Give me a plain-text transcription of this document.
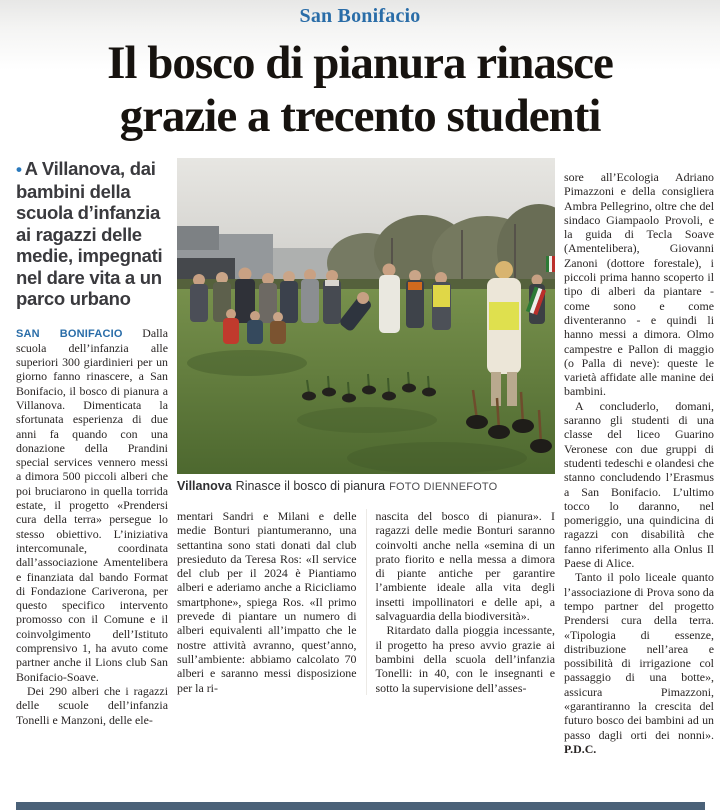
San Bonifacio
Il bosco di pianura rinasce
grazie a trecento studenti
• A Villanova, dai bambini della scuola d’infanzia ai ragazzi delle medie, impegnati nel dare vita a un parco urbano

SAN BONIFACIO Dalla scuola dell’infanzia alle superiori 300 giardinieri per un giorno fanno rinascere, a San Bonifacio, il bosco di pianura a Villanova. Dimenticata la sfortunata esperienza di due anni fa quando con una donazione della Prandini special services vennero messi a dimora 500 piccoli alberi che poi bruciarono in quella torrida estate, il progetto «Prendersi cura della terra» persegue lo stesso obiettivo. L’iniziativa intercomunale, coordinata dall’associazione Amentelibera e finanziata dal bando Format di Fondazione Cariverona, per questo specifico intervento promosso con il Comune e il coinvolgimento dell’Istituto comprensivo 1, ha avuto come partner anche il Lions club San Bonifacio-Soave.

Dei 290 alberi che i ragazzi delle scuole dell’infanzia Tonelli e Manzoni, delle ele-

Villanova Rinasce il bosco di pianura FOTO DIENNEFOTO

mentari Sandri e Milani e delle medie Bonturi piantumeranno, una settantina sono stati donati dal club presieduto da Teresa Ros: «Il service del club per il 2024 è Piantiamo alberi e aderiamo anche a Ricicliamo smartphone», spiega Ros. «Il primo prevede di piantare un numero di alberi equivalenti all’impatto che le nostre attività avranno, quest’anno, sull’ambiente: abbiamo calcolato 70 alberi e saranno messi disposizione per la ri-

nascita del bosco di pianura». I ragazzi delle medie Bonturi saranno coinvolti anche nella «semina di un prato fiorito e nella messa a dimora di piante antiche per garantire l’ambiente ideale alla vita degli insetti impollinatori e delle api, a salvaguardia della biodiversità».

Ritardato dalla pioggia incessante, il progetto ha preso avvio grazie ai bambini della scuola dell’infanzia Tonelli: in 40, con le insegnanti e sotto la supervisione dell’asses-

sore all’Ecologia Adriano Pimazzoni e della consigliera Ambra Pellegrino, oltre che del sindaco Giampaolo Provoli, e la guida di Tecla Soave (Amentelibera), Giovanni Zanoni (dottore forestale), i piccoli prima hanno scoperto il tipo di alberi da piantare - come sono e come diventeranno - e quindi li hanno messi a dimora. Olmo campestre e Pallon di maggio (o Palla di neve): queste le varietà affidate alle manine dei bambini.

A concluderlo, domani, saranno gli studenti di una classe del liceo Guarino Veronese con due gruppi di studenti tedeschi e olandesi che stanno concludendo l’Erasmus a San Bonifacio. L’ultimo tocco lo daranno, nel pomeriggio, una quindicina di ragazzi con disabilità che fanno riferimento alla Onlus Il Paese di Alice.

Tanto il polo liceale quanto l’associazione di Prova sono da tempo partner del progetto Prendersi cura della terra. «Tipologia di essenze, distribuzione nell’area e possibilità di irrigazione col passaggio di una botte», assicura Pimazzoni, «garantiranno la crescita del futuro bosco dei bambini ad un passo dagli orti dei nonni». P.D.C.
